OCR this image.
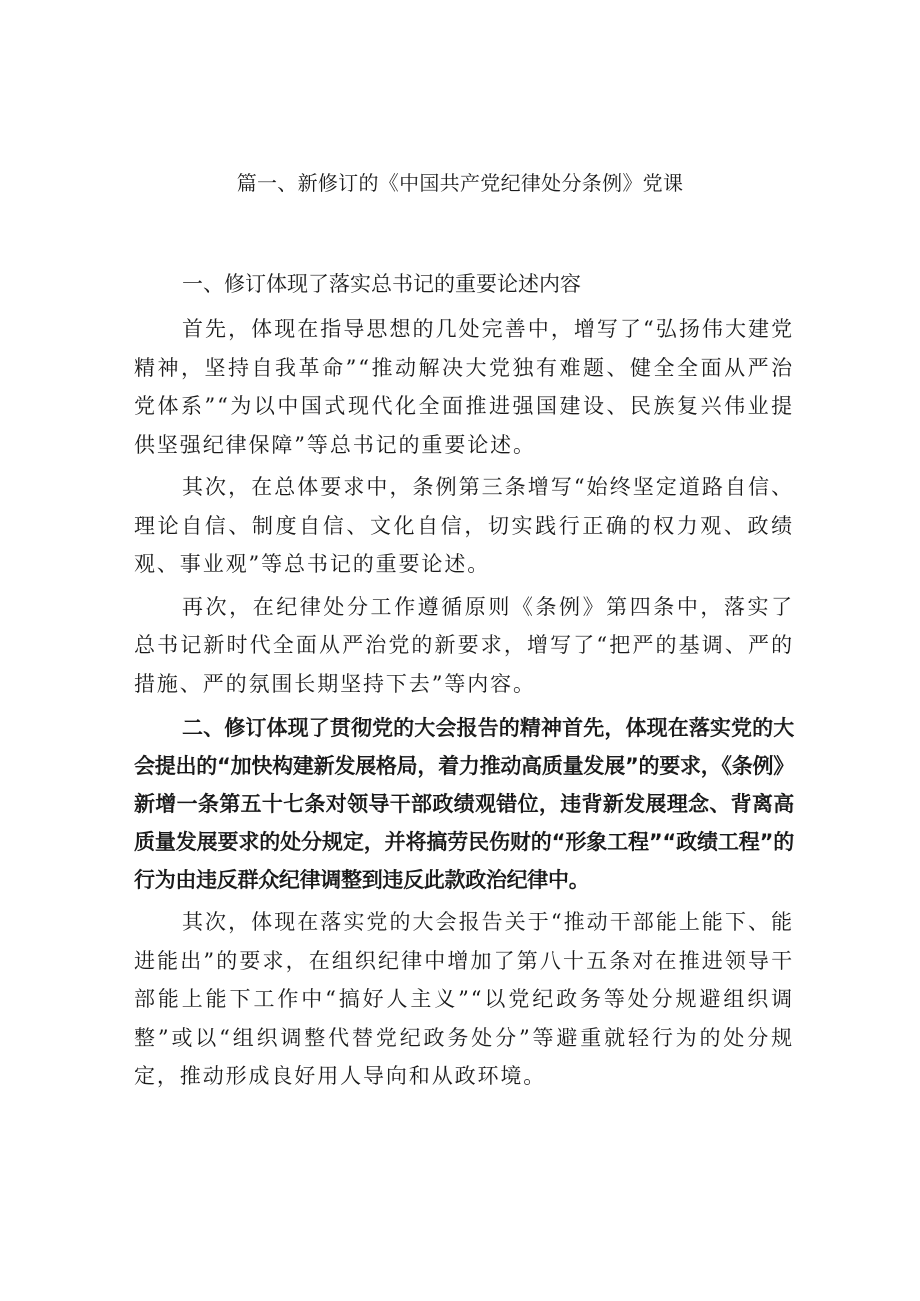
篇一、新修订的《中国共产党纪律处分条例》党课

一、修订体现了落实总书记的重要论述内容

首先，体现在指导思想的几处完善中，增写了“弘扬伟大建党精神，坚持自我革命”“推动解决大党独有难题、健全全面从严治党体系”“为以中国式现代化全面推进强国建设、民族复兴伟业提供坚强纪律保障”等总书记的重要论述。

其次，在总体要求中，条例第三条增写“始终坚定道路自信、理论自信、制度自信、文化自信，切实践行正确的权力观、政绩观、事业观”等总书记的重要论述。

再次，在纪律处分工作遵循原则《条例》第四条中，落实了总书记新时代全面从严治党的新要求，增写了“把严的基调、严的措施、严的氛围长期坚持下去”等内容。

二、修订体现了贯彻党的大会报告的精神首先，体现在落实党的大会提出的“加快构建新发展格局，着力推动高质量发展”的要求，《条例》新增一条第五十七条对领导干部政绩观错位，违背新发展理念、背离高质量发展要求的处分规定，并将搞劳民伤财的“形象工程”“政绩工程”的行为由违反群众纪律调整到违反此款政治纪律中。

其次，体现在落实党的大会报告关于“推动干部能上能下、能进能出”的要求，在组织纪律中增加了第八十五条对在推进领导干部能上能下工作中“搞好人主义”“以党纪政务等处分规避组织调整”或以“组织调整代替党纪政务处分”等避重就轻行为的处分规定，推动形成良好用人导向和从政环境。
